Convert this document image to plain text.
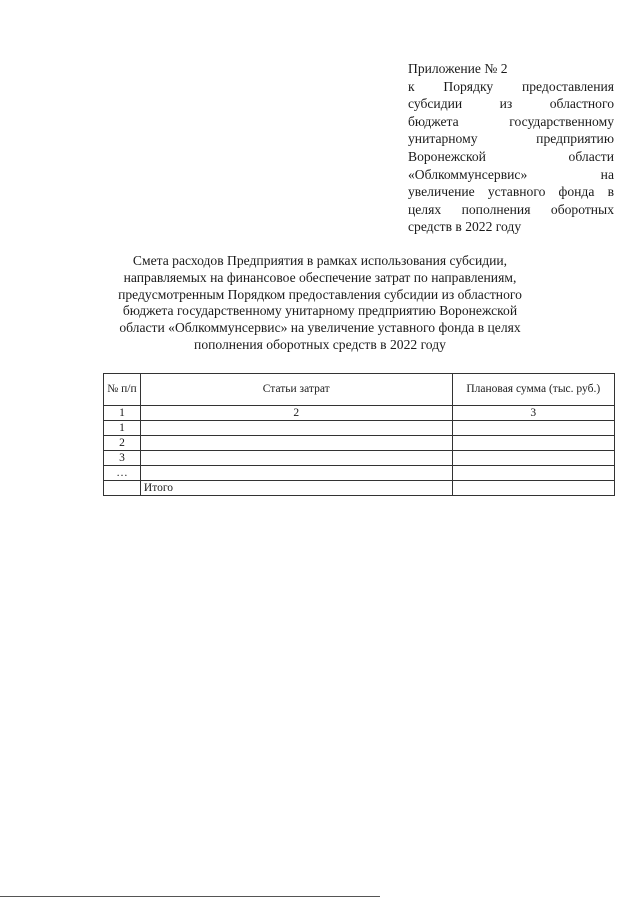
Приложение № 2
к Порядку предоставления
субсидии из областного
бюджета государственному
унитарному предприятию
Воронежской области
«Облкоммунсервис» на
увеличение уставного фонда в
целях пополнения оборотных
средств в 2022 году
Смета расходов Предприятия в рамках использования субсидии,
направляемых на финансовое обеспечение затрат по направлениям,
предусмотренным Порядком предоставления субсидии из областного
бюджета государственному унитарному предприятию Воронежской
области «Облкоммунсервис» на увеличение уставного фонда в целях
пополнения оборотных средств в 2022 году
№ п/п	Статьи затрат	Плановая сумма (тыс. руб.)
1	2	3
1		
2		
3		
…		
	Итого	
